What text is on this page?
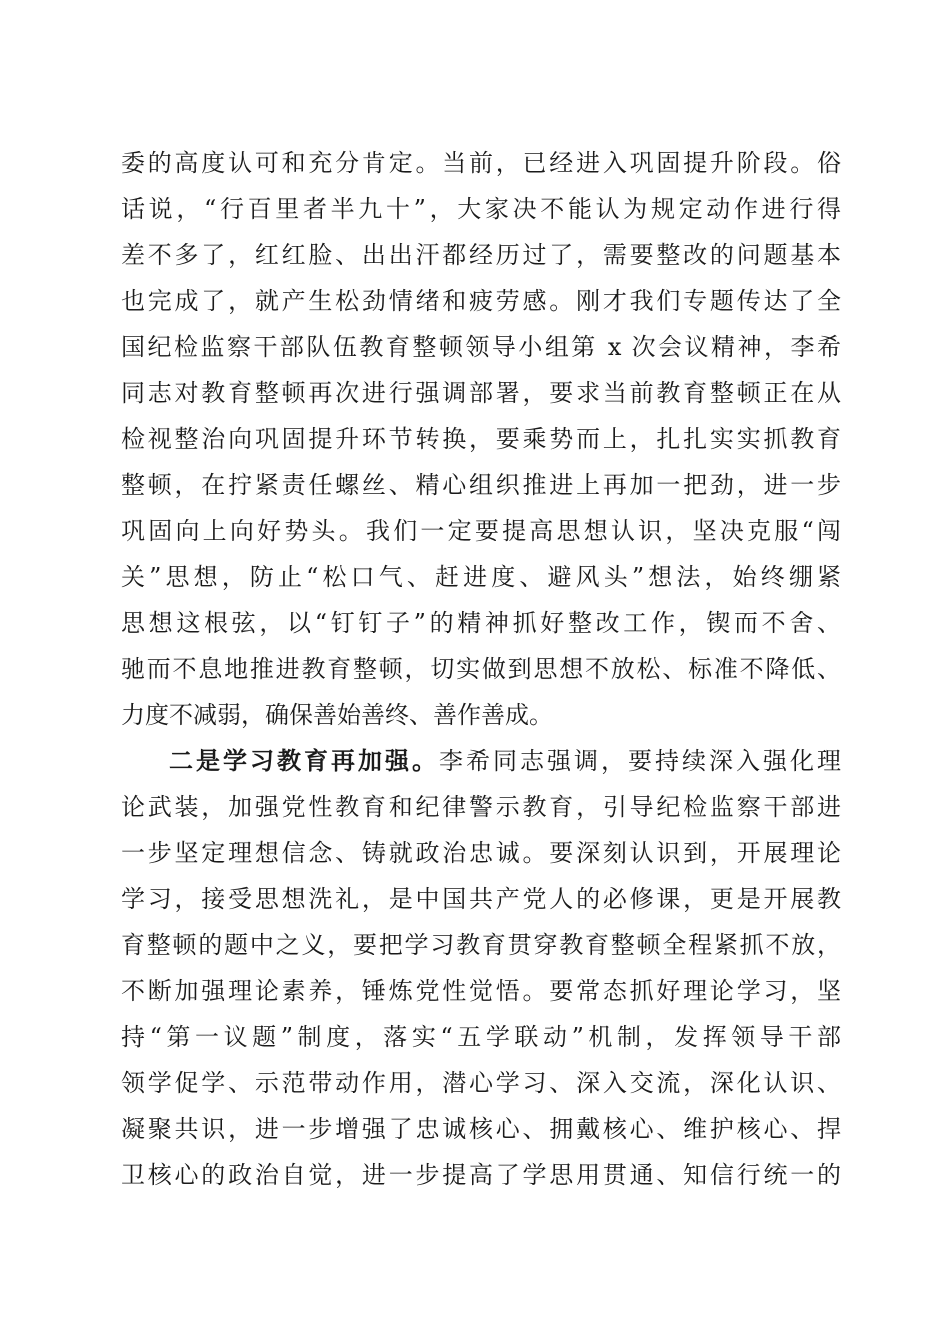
委的高度认可和充分肯定。当前，已经进入巩固提升阶段。俗
话说，“行百里者半九十”，大家决不能认为规定动作进行得
差不多了，红红脸、出出汗都经历过了，需要整改的问题基本
也完成了，就产生松劲情绪和疲劳感。刚才我们专题传达了全
国纪检监察干部队伍教育整顿领导小组第 x 次会议精神，李希
同志对教育整顿再次进行强调部署，要求当前教育整顿正在从
检视整治向巩固提升环节转换，要乘势而上，扎扎实实抓教育
整顿，在拧紧责任螺丝、精心组织推进上再加一把劲，进一步
巩固向上向好势头。我们一定要提高思想认识，坚决克服“闯
关”思想，防止“松口气、赶进度、避风头”想法，始终绷紧
思想这根弦，以“钉钉子”的精神抓好整改工作，锲而不舍、
驰而不息地推进教育整顿，切实做到思想不放松、标准不降低、
力度不减弱，确保善始善终、善作善成。
二是学习教育再加强。李希同志强调，要持续深入强化理
论武装，加强党性教育和纪律警示教育，引导纪检监察干部进
一步坚定理想信念、铸就政治忠诚。要深刻认识到，开展理论
学习，接受思想洗礼，是中国共产党人的必修课，更是开展教
育整顿的题中之义，要把学习教育贯穿教育整顿全程紧抓不放，
不断加强理论素养，锤炼党性觉悟。要常态抓好理论学习，坚
持“第一议题”制度，落实“五学联动”机制，发挥领导干部
领学促学、示范带动作用，潜心学习、深入交流，深化认识、
凝聚共识，进一步增强了忠诚核心、拥戴核心、维护核心、捍
卫核心的政治自觉，进一步提高了学思用贯通、知信行统一的
